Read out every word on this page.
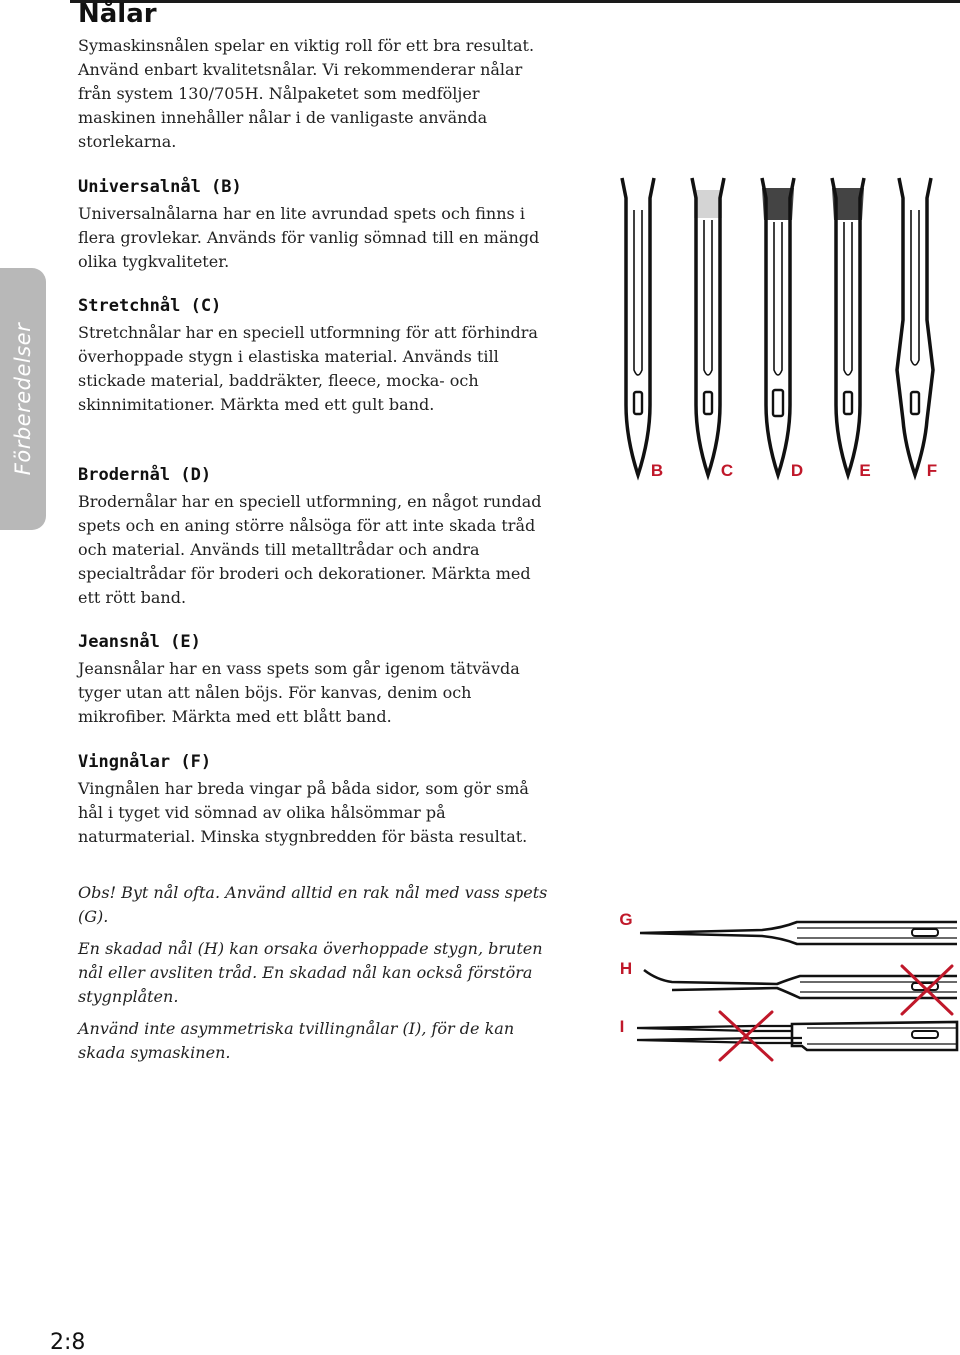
Nålar
Förberedelser

Symaskinsnålen spelar en viktig roll för ett bra resultat. Använd enbart kvalitetsnålar. Vi rekommenderar nålar från system 130/705H. Nålpaketet som medföljer maskinen innehåller nålar i de vanligaste använda storlekarna.

Universalnål (B)

Universalnålarna har en lite avrundad spets och finns i flera grovlekar. Används för vanlig sömnad till en mängd olika tygkvaliteter.

Stretchnål (C)

Stretchnålar har en speciell utformning för att förhindra överhoppade stygn i elastiska material. Används till stickade material, baddräkter, fleece, mocka- och skinnimitationer. Märkta med ett gult band.

Brodernål (D)

Brodernålar har en speciell utformning, en något rundad spets och en aning större nålsöga för att inte skada tråd och material. Används till metalltrådar och andra specialtrådar för broderi och dekorationer. Märkta med ett rött band.

Jeansnål (E)

Jeansnålar har en vass spets som går igenom tätvävda tyger utan att nålen böjs. För kanvas, denim och mikrofiber. Märkta med ett blått band.

Vingnålar (F)

Vingnålen har breda vingar på båda sidor, som gör små hål i tyget vid sömnad av olika hålsömmar på naturmaterial. Minska stygnbredden för bästa resultat.

Obs! Byt nål ofta. Använd alltid en rak nål med vass spets (G).

En skadad nål (H) kan orsaka överhoppade stygn, bruten nål eller avsliten tråd. En skadad nål kan också förstöra stygnplåten.

Använd inte asymmetriska tvillingnålar (I), för de kan skada symaskinen.

B	C	D	E	F
G
H
I
2:8
